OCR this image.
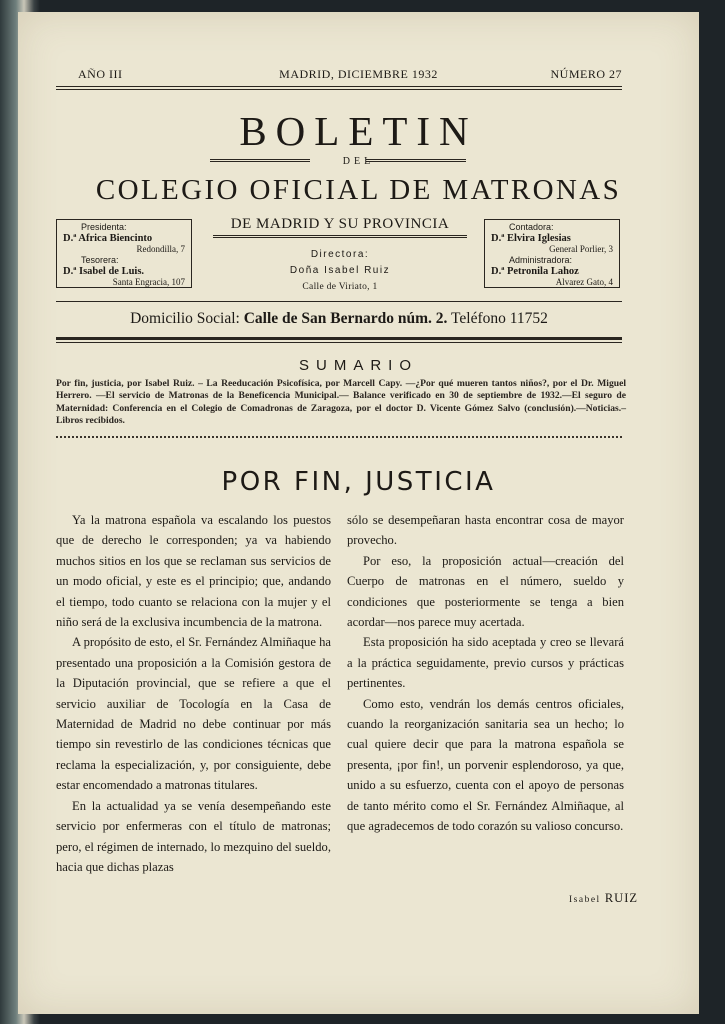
AÑO III	MADRID, DICIEMBRE 1932	NÚMERO 27
BOLETIN
DEL
COLEGIO OFICIAL DE MATRONAS
Presidenta:
D.ª Africa Biencinto
Redondilla, 7
Tesorera:
D.ª Isabel de Luis.
Santa Engracia, 107
Contadora:
D.ª Elvira Iglesias
General Porlier, 3
Administradora:
D.ª Petronila Lahoz
Alvarez Gato, 4
DE MADRID Y SU PROVINCIA
Directora:
Doña Isabel Ruiz
Calle de Viriato, 1
Domicilio Social: Calle de San Bernardo núm. 2. Teléfono 11752
SUMARIO
Por fin, justicia, por Isabel Ruiz. – La Reeducación Psicofísica, por Marcell Capy. —¿Por qué mueren tantos niños?, por el Dr. Miguel Herrero. —El servicio de Matronas de la Beneficencia Municipal.— Balance verificado en 30 de septiembre de 1932.—El seguro de Maternidad: Conferencia en el Colegio de Comadronas de Zaragoza, por el doctor D. Vicente Gómez Salvo (conclusión).—Noticias.– Libros recibidos.
POR FIN, JUSTICIA

Ya la matrona española va escalando los puestos que de derecho le corresponden; ya va habiendo muchos sitios en los que se reclaman sus servicios de un modo oficial, y este es el principio; que, andando el tiempo, todo cuanto se relaciona con la mujer y el niño será de la exclusiva incumbencia de la matrona.

A propósito de esto, el Sr. Fernández Almiñaque ha presentado una proposición a la Comisión gestora de la Diputación provincial, que se refiere a que el servicio auxiliar de Tocología en la Casa de Maternidad de Madrid no debe continuar por más tiempo sin revestirlo de las condiciones técnicas que reclama la especialización, y, por consiguiente, debe estar encomendado a matronas titulares.

En la actualidad ya se venía desempeñando este servicio por enfermeras con el título de matronas; pero, el régimen de internado, lo mezquino del sueldo, hacia que dichas plazas

sólo se desempeñaran hasta encontrar cosa de mayor provecho.

Por eso, la proposición actual—creación del Cuerpo de matronas en el número, sueldo y condiciones que posteriormente se tenga a bien acordar—nos parece muy acertada.

Esta proposición ha sido aceptada y creo se llevará a la práctica seguidamente, previo cursos y prácticas pertinentes.

Como esto, vendrán los demás centros oficiales, cuando la reorganización sanitaria sea un hecho; lo cual quiere decir que para la matrona española se presenta, ¡por fin!, un porvenir esplendoroso, ya que, unido a su esfuerzo, cuenta con el apoyo de personas de tanto mérito como el Sr. Fernández Almiñaque, al que agradecemos de todo corazón su valioso concurso.

Isabel RUIZ
